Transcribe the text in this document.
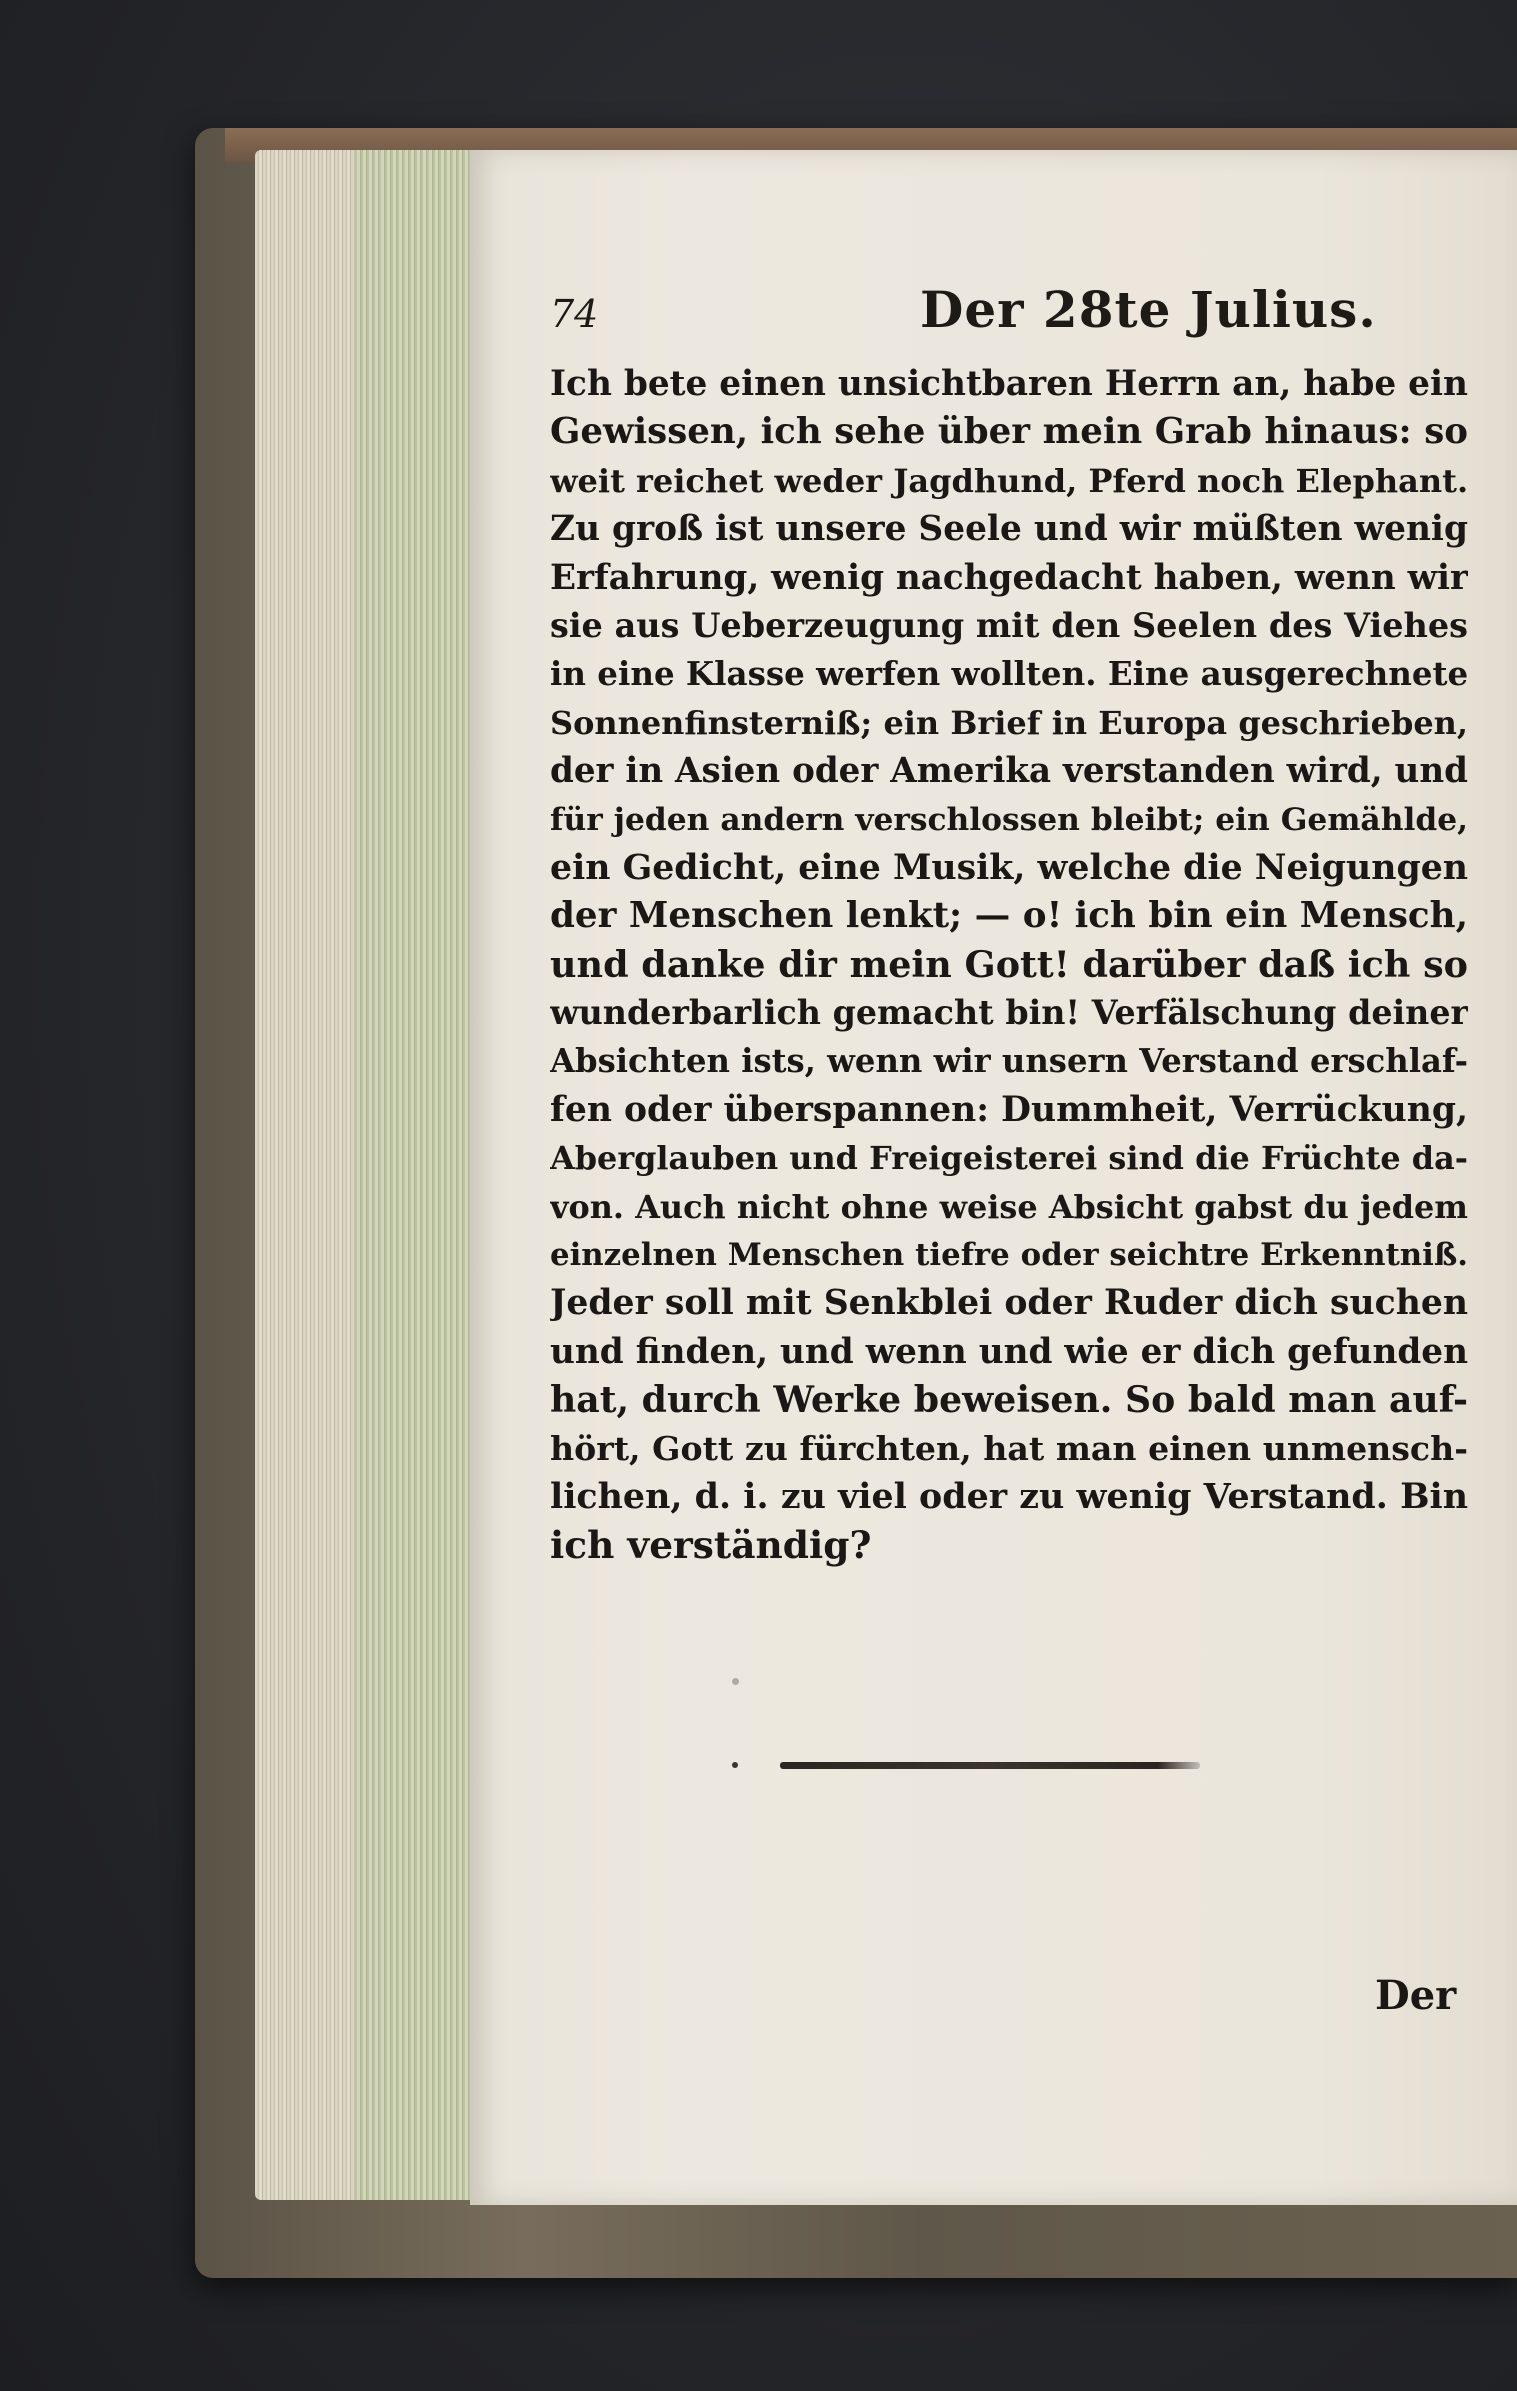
74	Der 28te Julius.
Ich bete einen unsichtbaren Herrn an, habe ein
Gewissen, ich sehe über mein Grab hinaus: so
weit reichet weder Jagdhund, Pferd noch Elephant.
Zu groß ist unsere Seele und wir müßten wenig
Erfahrung, wenig nachgedacht haben, wenn wir
sie aus Ueberzeugung mit den Seelen des Viehes
in eine Klasse werfen wollten. Eine ausgerechnete
Sonnenfinsterniß; ein Brief in Europa geschrieben,
der in Asien oder Amerika verstanden wird, und
für jeden andern verschlossen bleibt; ein Gemählde,
ein Gedicht, eine Musik, welche die Neigungen
der Menschen lenkt; — o! ich bin ein Mensch,
und danke dir mein Gott! darüber daß ich so
wunderbarlich gemacht bin! Verfälschung deiner
Absichten ists, wenn wir unsern Verstand erschlaf-
fen oder überspannen: Dummheit, Verrückung,
Aberglauben und Freigeisterei sind die Früchte da-
von. Auch nicht ohne weise Absicht gabst du jedem
einzelnen Menschen tiefre oder seichtre Erkenntniß.
Jeder soll mit Senkblei oder Ruder dich suchen
und finden, und wenn und wie er dich gefunden
hat, durch Werke beweisen. So bald man auf-
hört, Gott zu fürchten, hat man einen unmensch-
lichen, d. i. zu viel oder zu wenig Verstand. Bin
ich verständig?
Der
